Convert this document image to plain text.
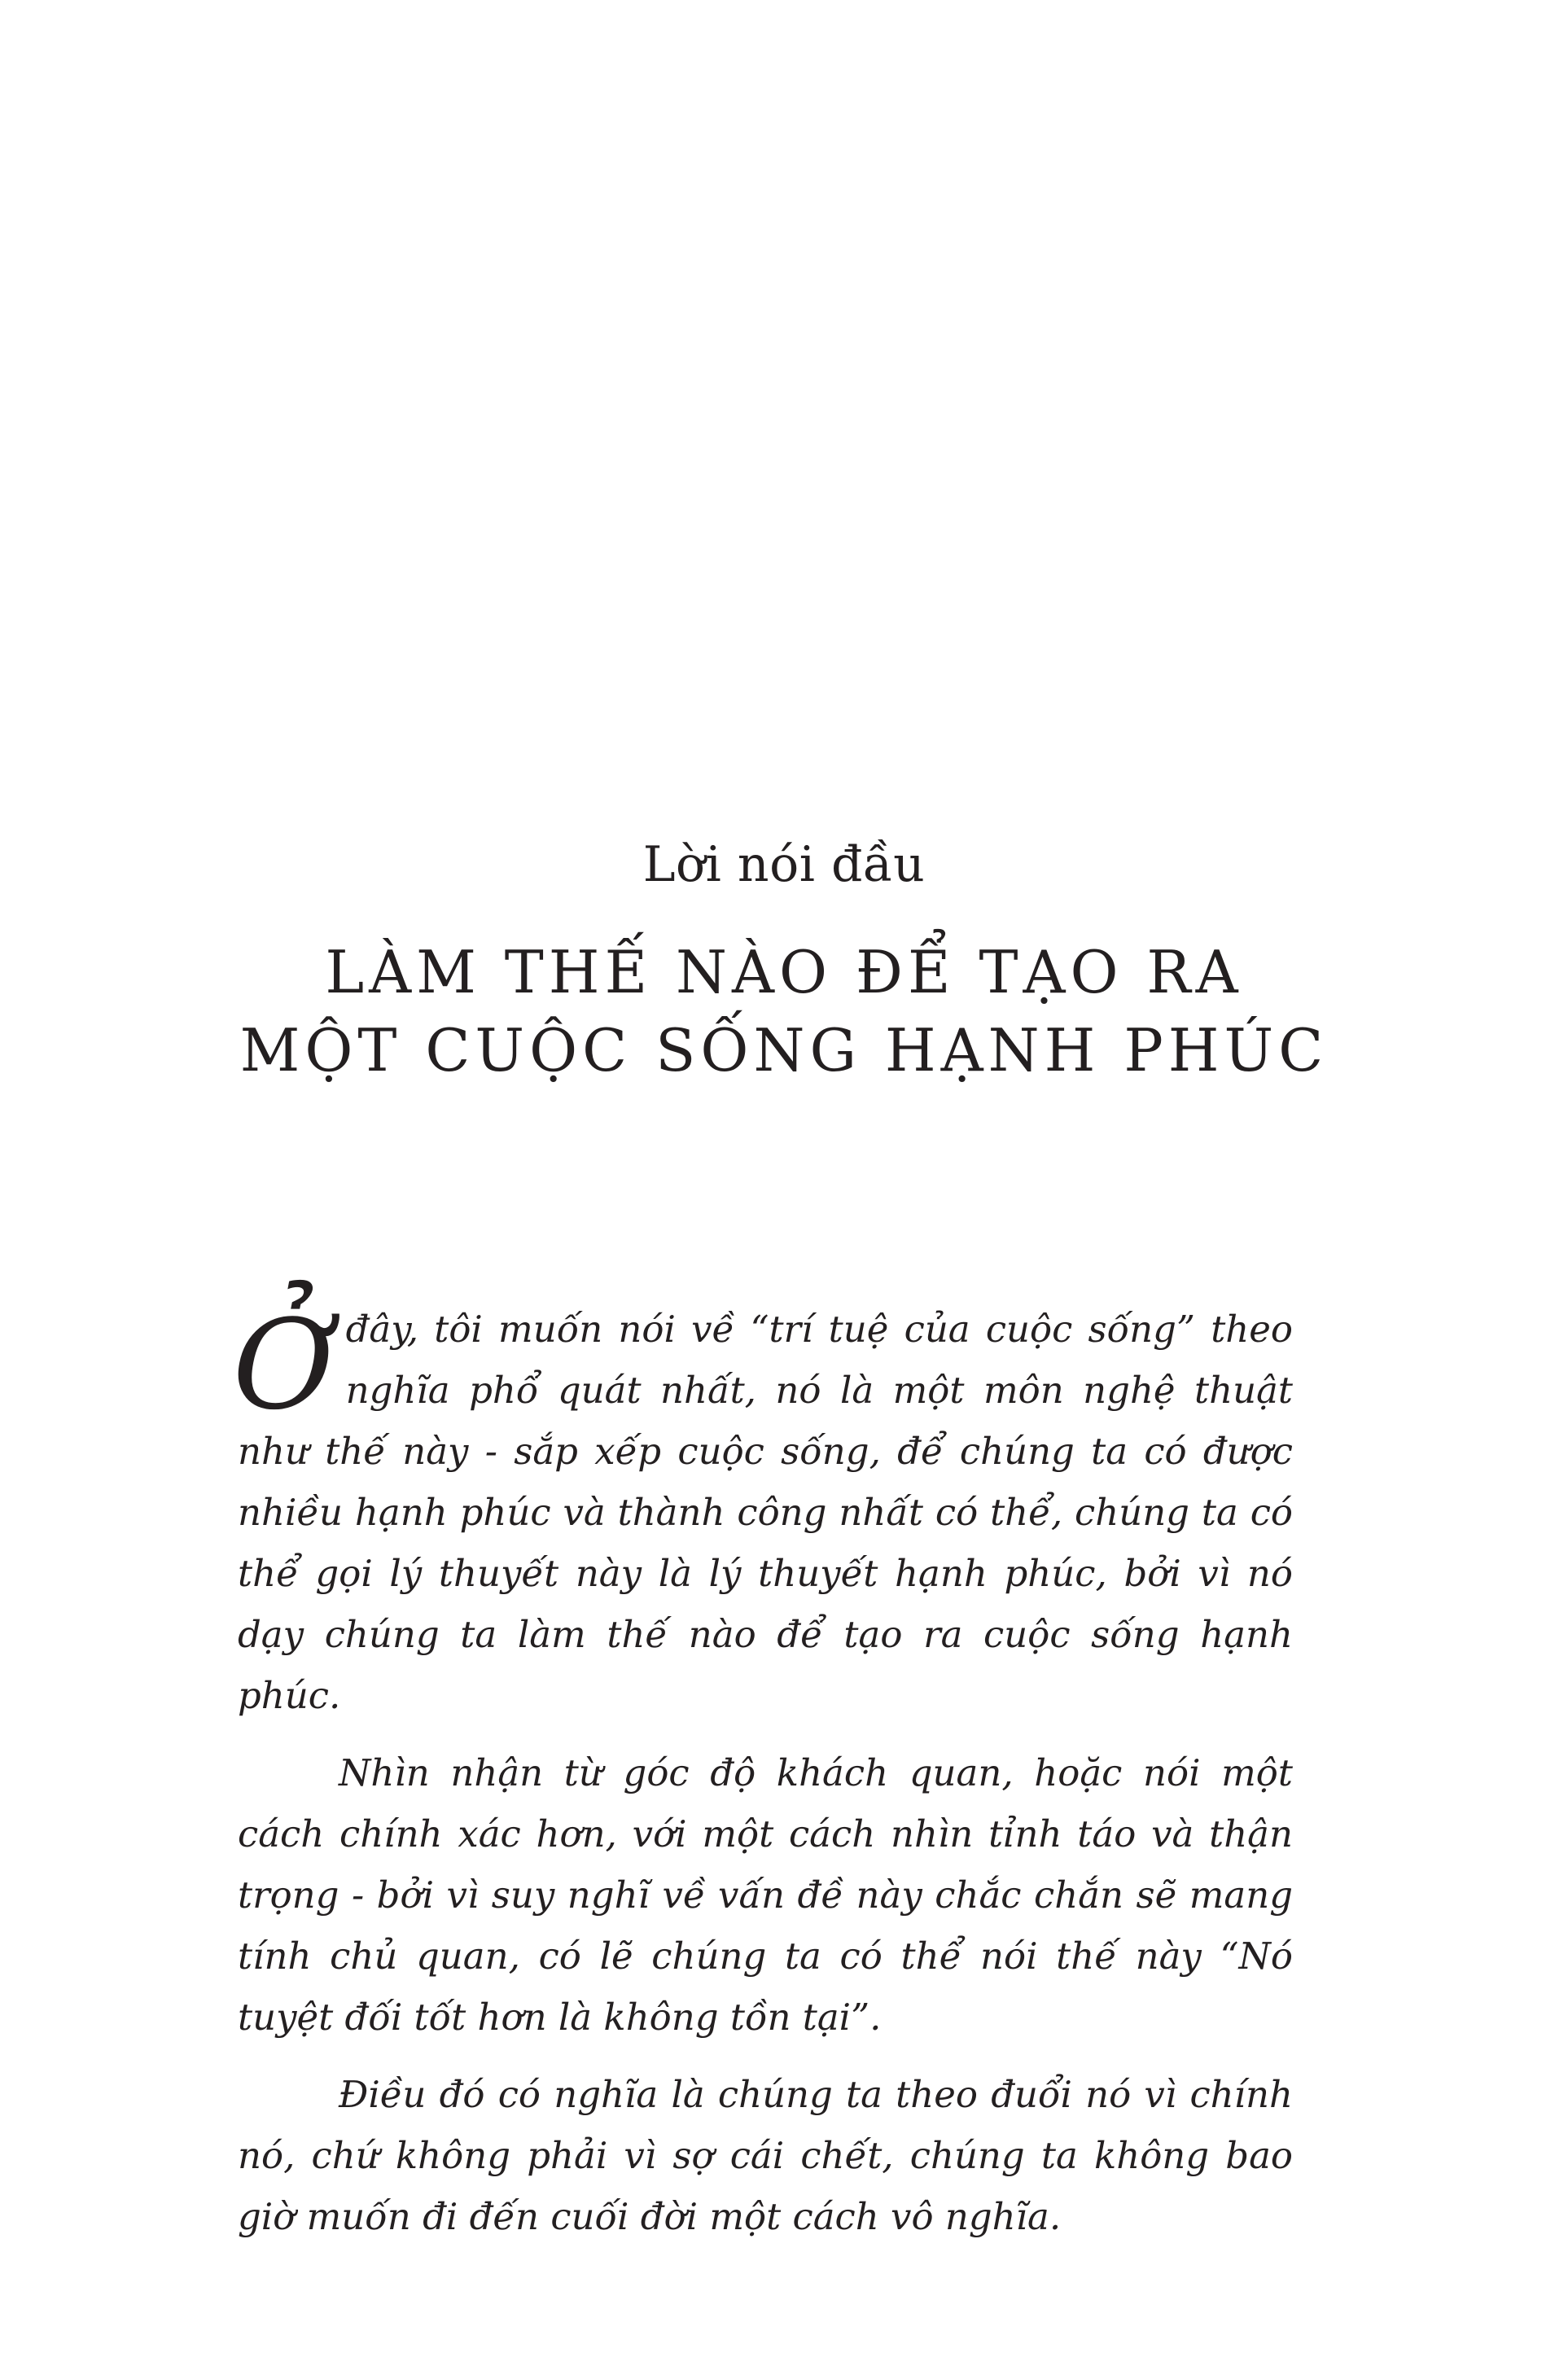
Lời nói đầu
LÀM THẾ NÀO ĐỂ TẠO RA
MỘT CUỘC SỐNG HẠNH PHÚC

Ởđây, tôi muốn nói về “trí tuệ của cuộc sống” theo nghĩa phổ quát nhất, nó là một môn nghệ thuật như thế này - sắp xếp cuộc sống, để chúng ta có được nhiều hạnh phúc và thành công nhất có thể, chúng ta có thể gọi lý thuyết này là lý thuyết hạnh phúc, bởi vì nó dạy chúng ta làm thế nào để tạo ra cuộc sống hạnh phúc.

Nhìn nhận từ góc độ khách quan, hoặc nói một cách chính xác hơn, với một cách nhìn tỉnh táo và thận trọng - bởi vì suy nghĩ về vấn đề này chắc chắn sẽ mang tính chủ quan, có lẽ chúng ta có thể nói thế này “Nó tuyệt đối tốt hơn là không tồn tại”.

Điều đó có nghĩa là chúng ta theo đuổi nó vì chính nó, chứ không phải vì sợ cái chết, chúng ta không bao giờ muốn đi đến cuối đời một cách vô nghĩa.
